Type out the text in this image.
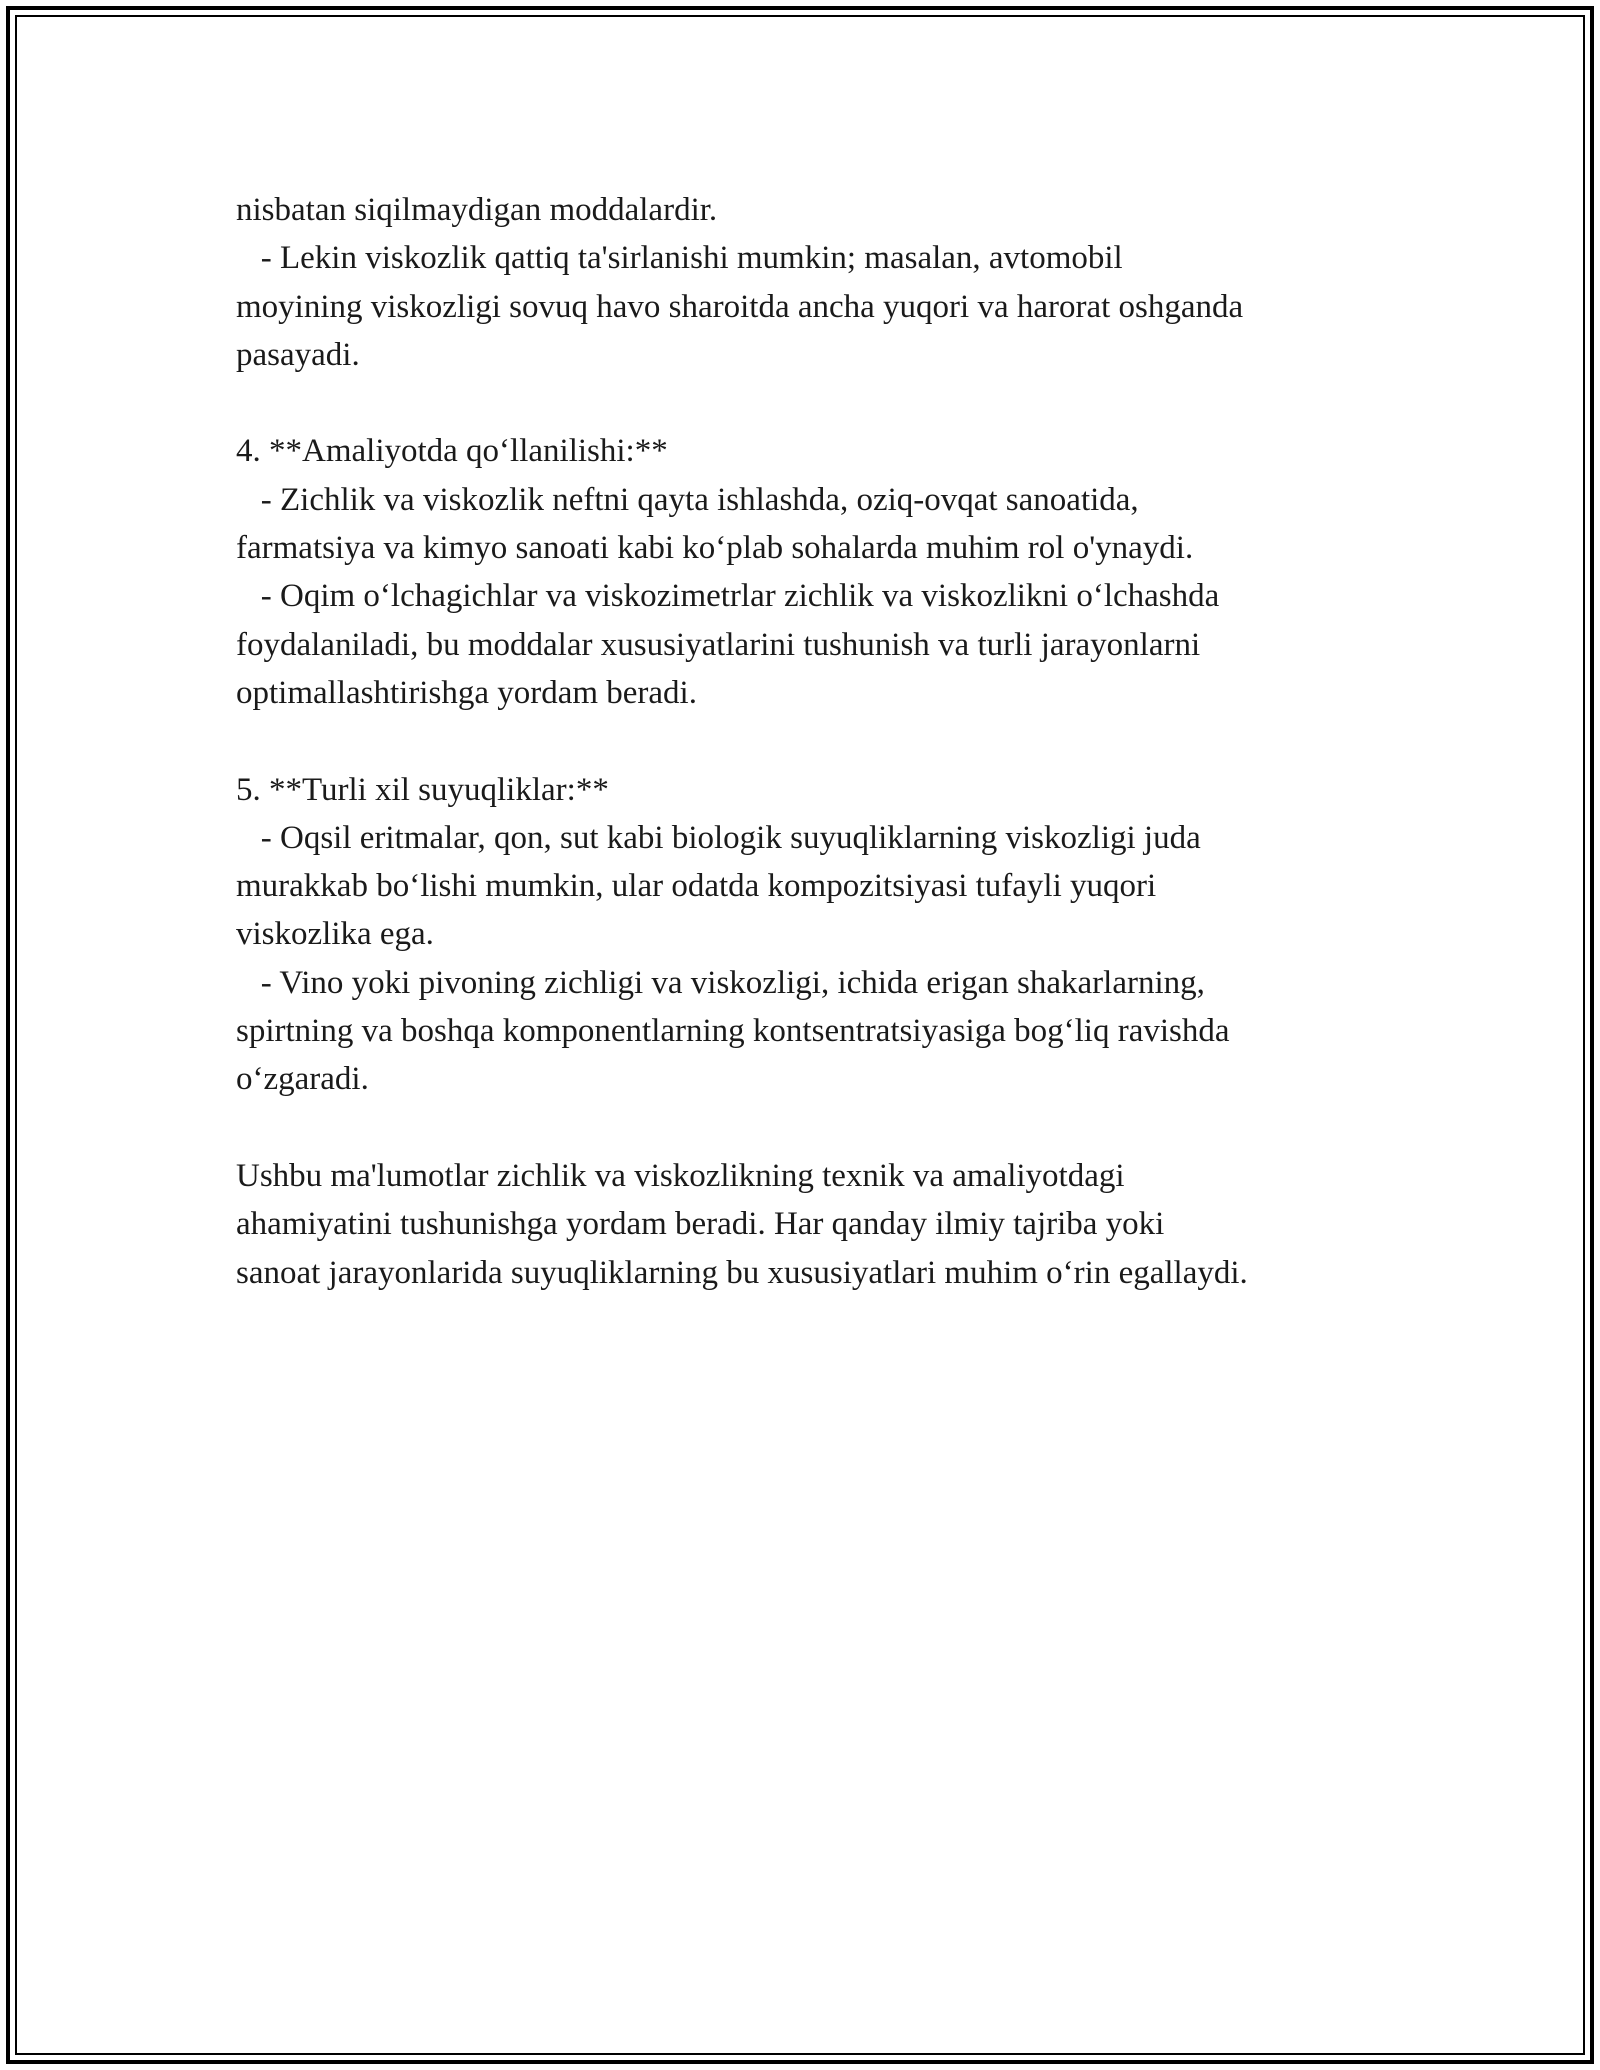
nisbatan siqilmaydigan moddalardir.
- Lekin viskozlik qattiq ta'sirlanishi mumkin; masalan, avtomobil
moyining viskozligi sovuq havo sharoitda ancha yuqori va harorat oshganda
pasayadi.
4. **Amaliyotda qo‘llanilishi:**
- Zichlik va viskozlik neftni qayta ishlashda, oziq-ovqat sanoatida,
farmatsiya va kimyo sanoati kabi ko‘plab sohalarda muhim rol o'ynaydi.
- Oqim o‘lchagichlar va viskozimetrlar zichlik va viskozlikni o‘lchashda
foydalaniladi, bu moddalar xususiyatlarini tushunish va turli jarayonlarni
optimallashtirishga yordam beradi.
5. **Turli xil suyuqliklar:**
- Oqsil eritmalar, qon, sut kabi biologik suyuqliklarning viskozligi juda
murakkab bo‘lishi mumkin, ular odatda kompozitsiyasi tufayli yuqori
viskozlika ega.
- Vino yoki pivoning zichligi va viskozligi, ichida erigan shakarlarning,
spirtning va boshqa komponentlarning kontsentratsiyasiga bog‘liq ravishda
o‘zgaradi.
Ushbu ma'lumotlar zichlik va viskozlikning texnik va amaliyotdagi
ahamiyatini tushunishga yordam beradi. Har qanday ilmiy tajriba yoki
sanoat jarayonlarida suyuqliklarning bu xususiyatlari muhim o‘rin egallaydi.
